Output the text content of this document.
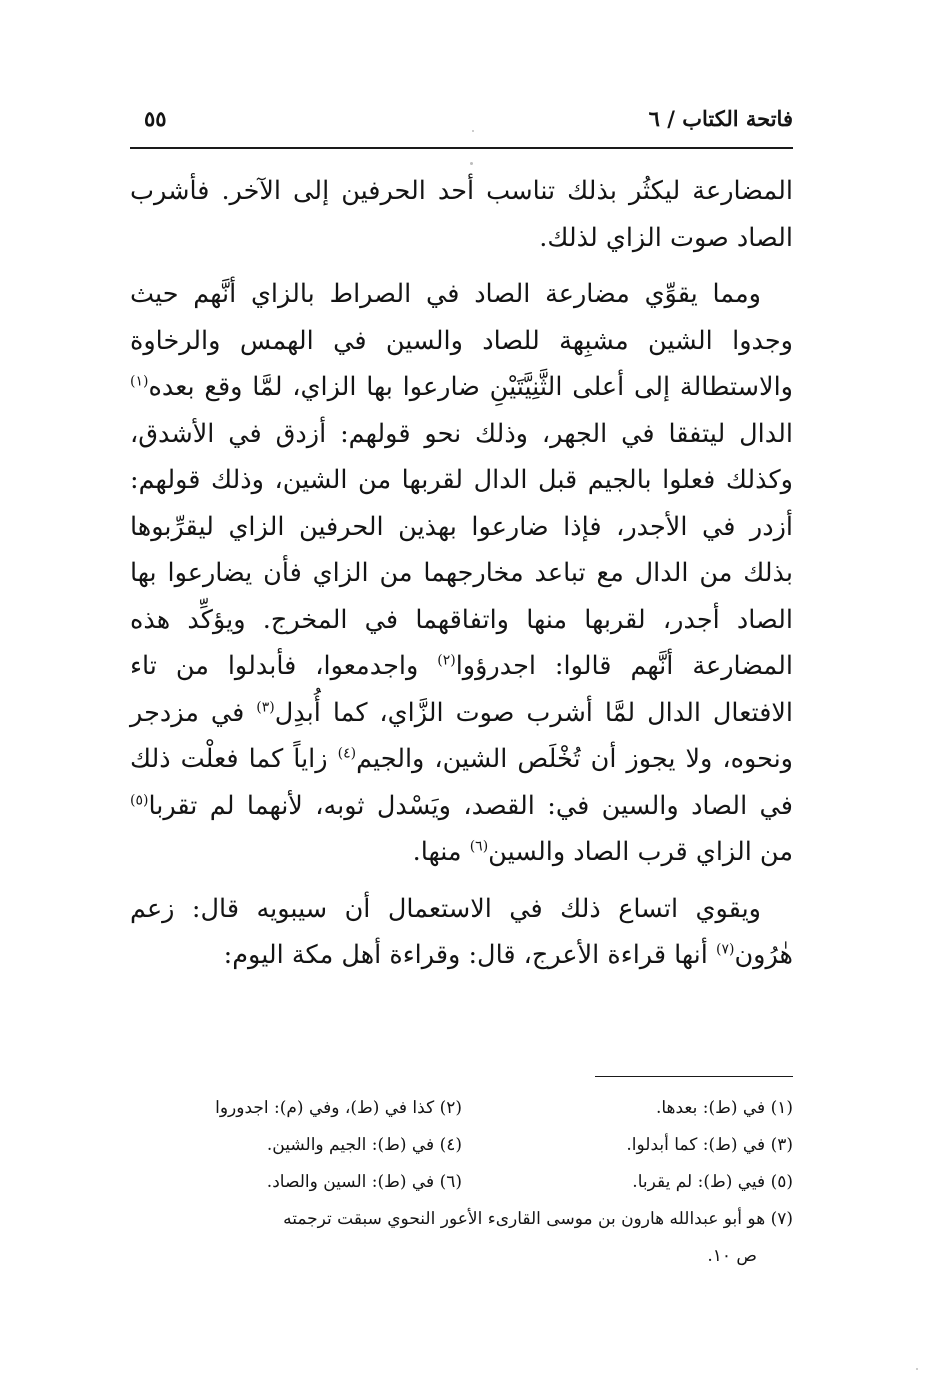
فاتحة الكتاب / ٦
٥٥

المضارعة ليكثُر بذلك تناسب أحد الحرفين إلى الآخر. فأشرب الصاد صوت الزاي لذلك.

ومما يقوِّي مضارعة الصاد في الصراط بالزاي أنَّهم حيث وجدوا الشين مشبِهة للصاد والسين في الهمس والرخاوة والاستطالة إلى أعلى الثَّنِيَّتَيْنِ ضارعوا بها الزاي، لمَّا وقع بعده$^{(١)}$ الدال ليتفقا في الجهر، وذلك نحو قولهم: أزدق في الأشدق، وكذلك فعلوا بالجيم قبل الدال لقربها من الشين، وذلك قولهم: أزدر في الأجدر، فإذا ضارعوا بهذين الحرفين الزاي ليقرِّبوها بذلك من الدال مع تباعد مخارجهما من الزاي فأن يضارعوا بها الصاد أجدر، لقربها منها واتفاقهما في المخرج. ويؤكِّد هذه المضارعة أنَّهم قالوا: اجدرؤوا$^{(٢)}$ واجدمعوا، فأبدلوا من تاء الافتعال الدال لمَّا أشرب صوت الزَّاي، كما أُبدِل$^{(٣)}$ في مزدجر ونحوه، ولا يجوز أن تُخْلَص الشين، والجيم$^{(٤)}$ زاياً كما فعلْت ذلك في الصاد والسين في: القصد، ويَسْدل ثوبه، لأنهما لم تقربا$^{(٥)}$ من الزاي قرب الصاد والسين$^{(٦)}$ منها.

ويقوي اتساع ذلك في الاستعمال أن سيبويه قال: زعم هٰرُون$^{(٧)}$ أنها قراءة الأعرج، قال: وقراءة أهل مكة اليوم:

(١) في (ط): بعدها.
(٢) كذا في (ط)، وفي (م): اجدوروا
(٣) في (ط): كما أبدلوا.
(٤) في (ط): الجيم والشين.
(٥) فيي (ط): لم يقربا.
(٦) في (ط): السين والصاد.
(٧) هو أبو عبدالله هارون بن موسى القارىء الأعور النحوي سبقت ترجمته
ص ١٠.
